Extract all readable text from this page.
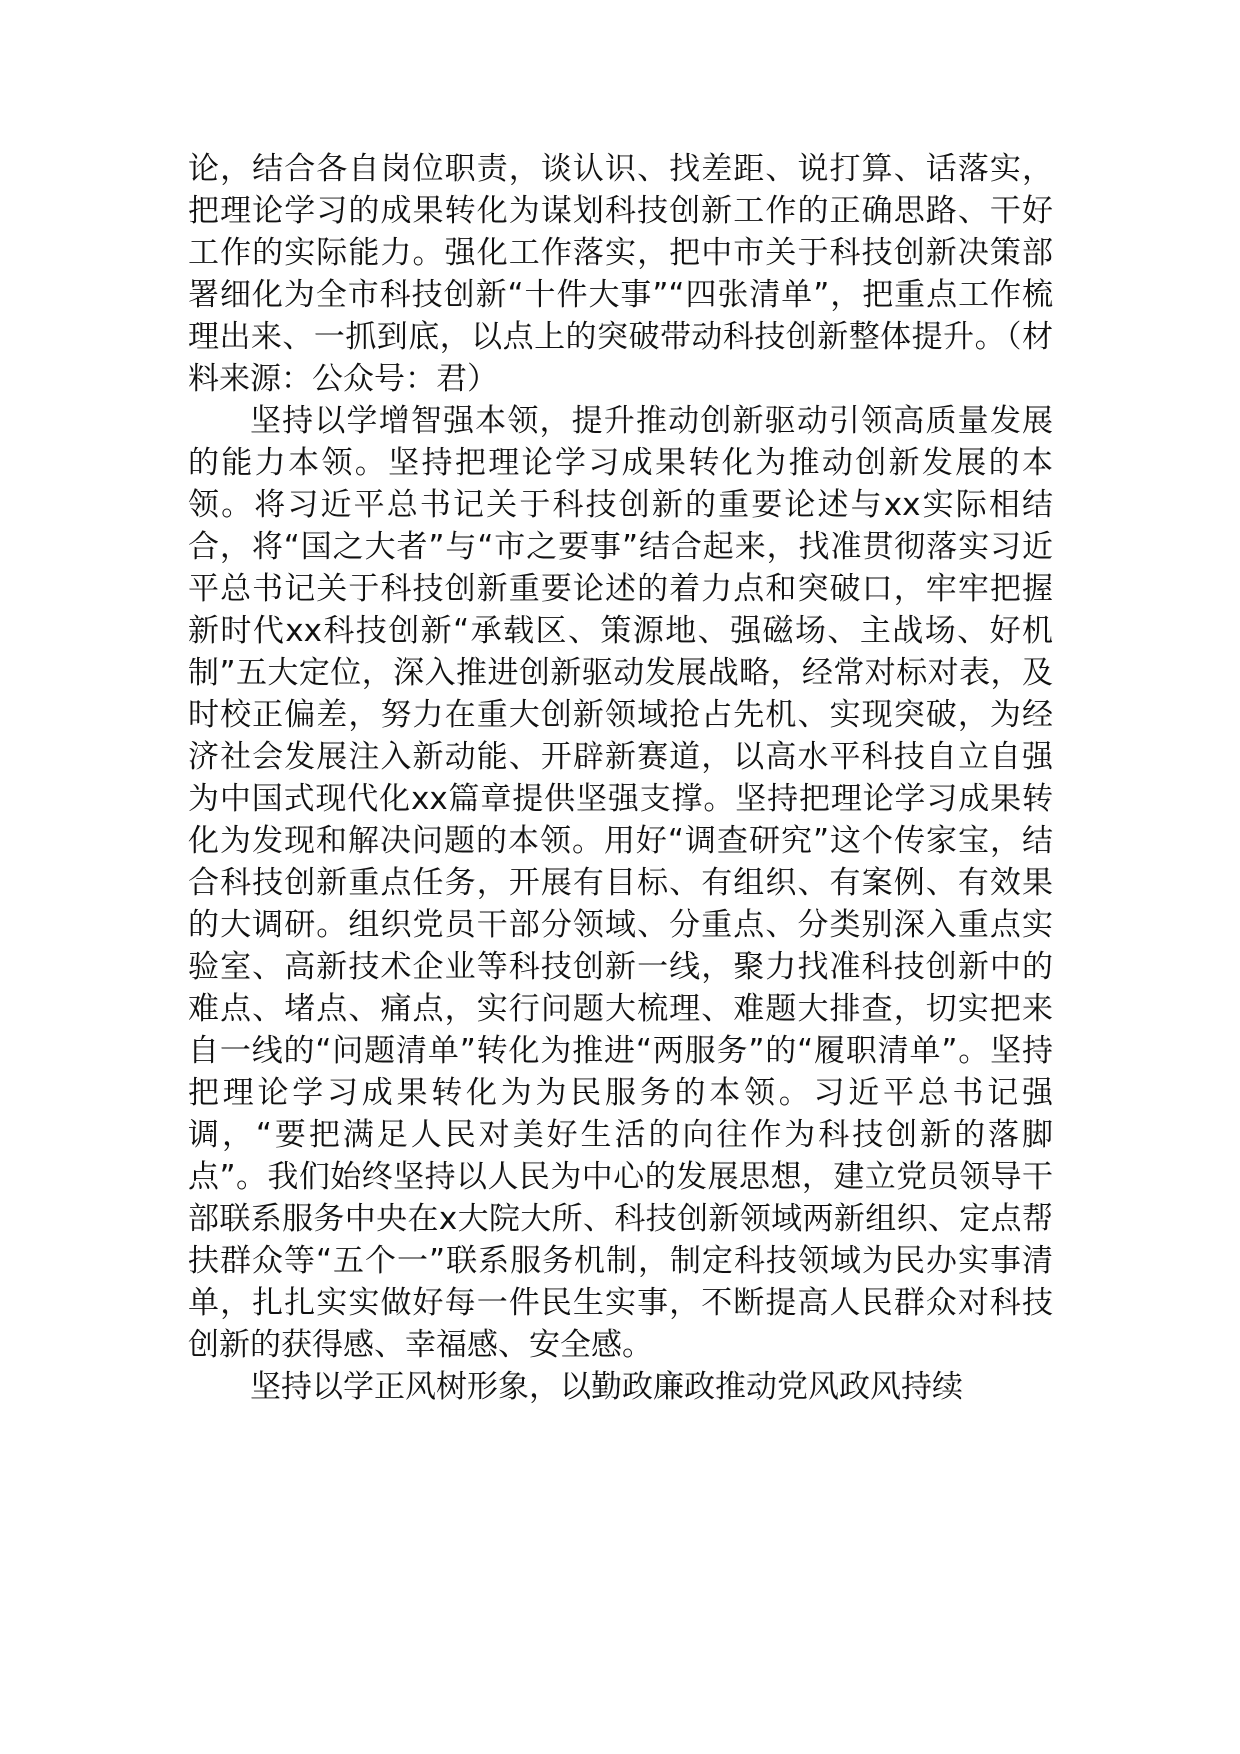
论，结合各自岗位职责，谈认识、找差距、说打算、话落实，把理论学习的成果转化为谋划科技创新工作的正确思路、干好工作的实际能力。强化工作落实，把中市关于科技创新决策部署细化为全市科技创新“十件大事”“四张清单”，把重点工作梳理出来、一抓到底，以点上的突破带动科技创新整体提升。（材料来源：公众号：君）

坚持以学增智强本领，提升推动创新驱动引领高质量发展的能力本领。坚持把理论学习成果转化为推动创新发展的本领。将习近平总书记关于科技创新的重要论述与xx实际相结合，将“国之大者”与“市之要事”结合起来，找准贯彻落实习近平总书记关于科技创新重要论述的着力点和突破口，牢牢把握新时代xx科技创新“承载区、策源地、强磁场、主战场、好机制”五大定位，深入推进创新驱动发展战略，经常对标对表，及时校正偏差，努力在重大创新领域抢占先机、实现突破，为经济社会发展注入新动能、开辟新赛道，以高水平科技自立自强为中国式现代化xx篇章提供坚强支撑。坚持把理论学习成果转化为发现和解决问题的本领。用好“调查研究”这个传家宝，结合科技创新重点任务，开展有目标、有组织、有案例、有效果的大调研。组织党员干部分领域、分重点、分类别深入重点实验室、高新技术企业等科技创新一线，聚力找准科技创新中的难点、堵点、痛点，实行问题大梳理、难题大排查，切实把来自一线的“问题清单”转化为推进“两服务”的“履职清单”。坚持把理论学习成果转化为为民服务的本领。习近平总书记强调，“要把满足人民对美好生活的向往作为科技创新的落脚点”。我们始终坚持以人民为中心的发展思想，建立党员领导干部联系服务中央在x大院大所、科技创新领域两新组织、定点帮扶群众等“五个一”联系服务机制，制定科技领域为民办实事清单，扎扎实实做好每一件民生实事，不断提高人民群众对科技创新的获得感、幸福感、安全感。

坚持以学正风树形象，以勤政廉政推动党风政风持续
